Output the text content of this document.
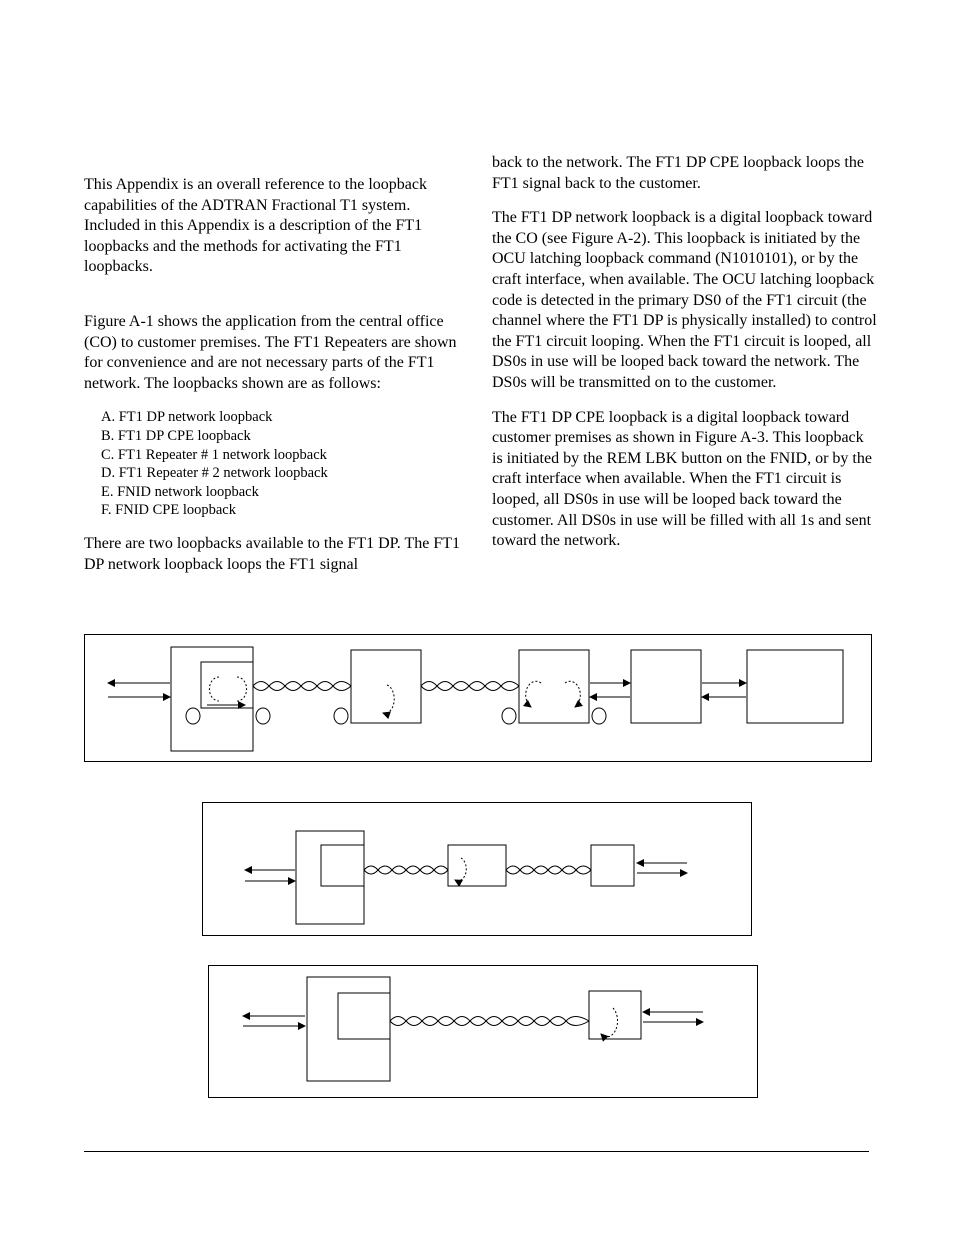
This Appendix is an overall reference to the loopback capabilities of the ADTRAN Fractional T1 system. Included in this Appendix is a description of the FT1 loopbacks and the methods for activating the FT1 loopbacks.

Figure A-1 shows the application from the central office (CO) to customer premises. The FT1 Repeaters are shown for convenience and are not necessary parts of the FT1 network. The loopbacks shown are as follows:

A. FT1 DP network loopback
B. FT1 DP CPE loopback
C. FT1 Repeater # 1 network loopback
D. FT1 Repeater # 2 network loopback
E. FNID network loopback
F. FNID CPE loopback

There are two loopbacks available to the FT1 DP. The FT1 DP network loopback loops the FT1 signal

back to the network. The FT1 DP CPE loopback loops the FT1 signal back to the customer.

The FT1 DP network loopback is a digital loopback toward the CO (see Figure A-2). This loopback is initiated by the OCU latching loopback command (N1010101), or by the craft interface, when available. The OCU latching loopback code is detected in the primary DS0 of the FT1 circuit (the channel where the FT1 DP is physically installed) to control the FT1 circuit looping. When the FT1 circuit is looped, all DS0s in use will be looped back toward the network. The DS0s will be transmitted on to the customer.

The FT1 DP CPE loopback is a digital loopback toward customer premises as shown in Figure A-3. This loopback is initiated by the REM LBK button on the FNID, or by the craft interface when available. When the FT1 circuit is looped, all DS0s in use will be looped back toward the customer. All DS0s in use will be filled with all 1s and sent toward the network.
